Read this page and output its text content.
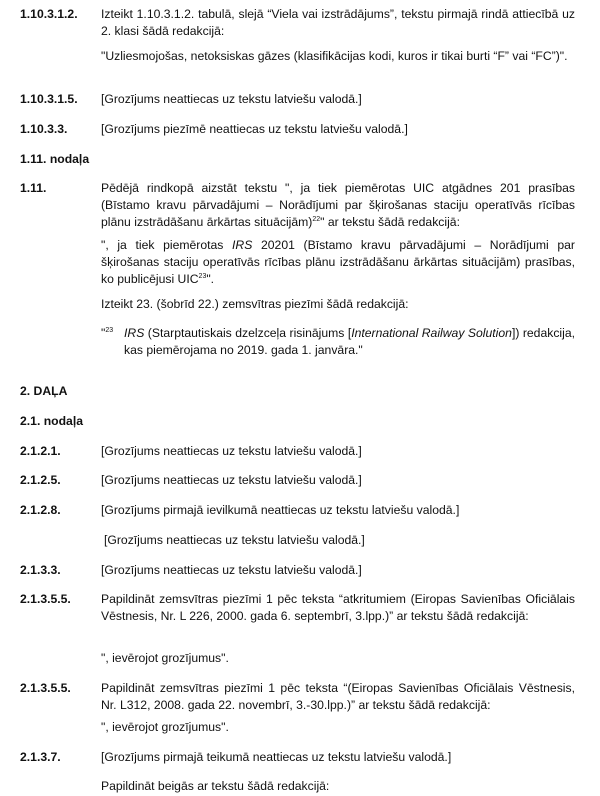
1.10.3.1.2. Izteikt 1.10.3.1.2. tabulā, slejā “Viela vai izstrādājums”, tekstu pirmajā rindā attiecībā uz 2. klasi šādā redakcijā:
"Uzliesmojošas, netoksiskas gāzes (klasifikācijas kodi, kuros ir tikai burti “F” vai “FC”)".
1.10.3.1.5. [Grozījums neattiecas uz tekstu latviešu valodā.]
1.10.3.3.	[Grozījums piezīmē neattiecas uz tekstu latviešu valodā.]
1.11. nodaļa
1.11.	Pēdējā rindkopā aizstāt tekstu ", ja tiek piemērotas UIC atgādnes 201 prasības (Bīstamo kravu pārvadājumi – Norādījumi par šķirošanas staciju operatīvās rīcības plānu izstrādāšanu ārkārtas situācijām)$^{22}$" ar tekstu šādā redakcijā:
", ja tiek piemērotas IRS 20201 (Bīstamo kravu pārvadājumi – Norādījumi par šķirošanas staciju operatīvās rīcības plānu izstrādāšanu ārkārtas situācijām) prasības, ko publicējusi UIC$^{23}$".
Izteikt 23. (šobrīd 22.) zemsvītras piezīmi šādā redakcijā:
"$^{23}$ IRS (Starptautiskais dzelzceļa risinājums [International Railway Solution]) redakcija, kas piemērojama no 2019. gada 1. janvāra."
2. DAĻA
2.1. nodaļa
2.1.2.1.	[Grozījums neattiecas uz tekstu latviešu valodā.]
2.1.2.5.	[Grozījums neattiecas uz tekstu latviešu valodā.]
2.1.2.8.	[Grozījums pirmajā ievilkumā neattiecas uz tekstu latviešu valodā.]
[Grozījums neattiecas uz tekstu latviešu valodā.]
2.1.3.3.	[Grozījums neattiecas uz tekstu latviešu valodā.]
2.1.3.5.5. Papildināt zemsvītras piezīmi 1 pēc teksta “atkritumiem (Eiropas Savienības Oficiālais Vēstnesis, Nr. L 226, 2000. gada 6. septembrī, 3.lpp.)” ar tekstu šādā redakcijā:
", ievērojot grozījumus".
2.1.3.5.5. Papildināt zemsvītras piezīmi 1 pēc teksta “(Eiropas Savienības Oficiālais Vēstnesis, Nr. L312, 2008. gada 22. novembrī, 3.-30.lpp.)” ar tekstu šādā redakcijā:
", ievērojot grozījumus".
2.1.3.7.	[Grozījums pirmajā teikumā neattiecas uz tekstu latviešu valodā.]
Papildināt beigās ar tekstu šādā redakcijā:
